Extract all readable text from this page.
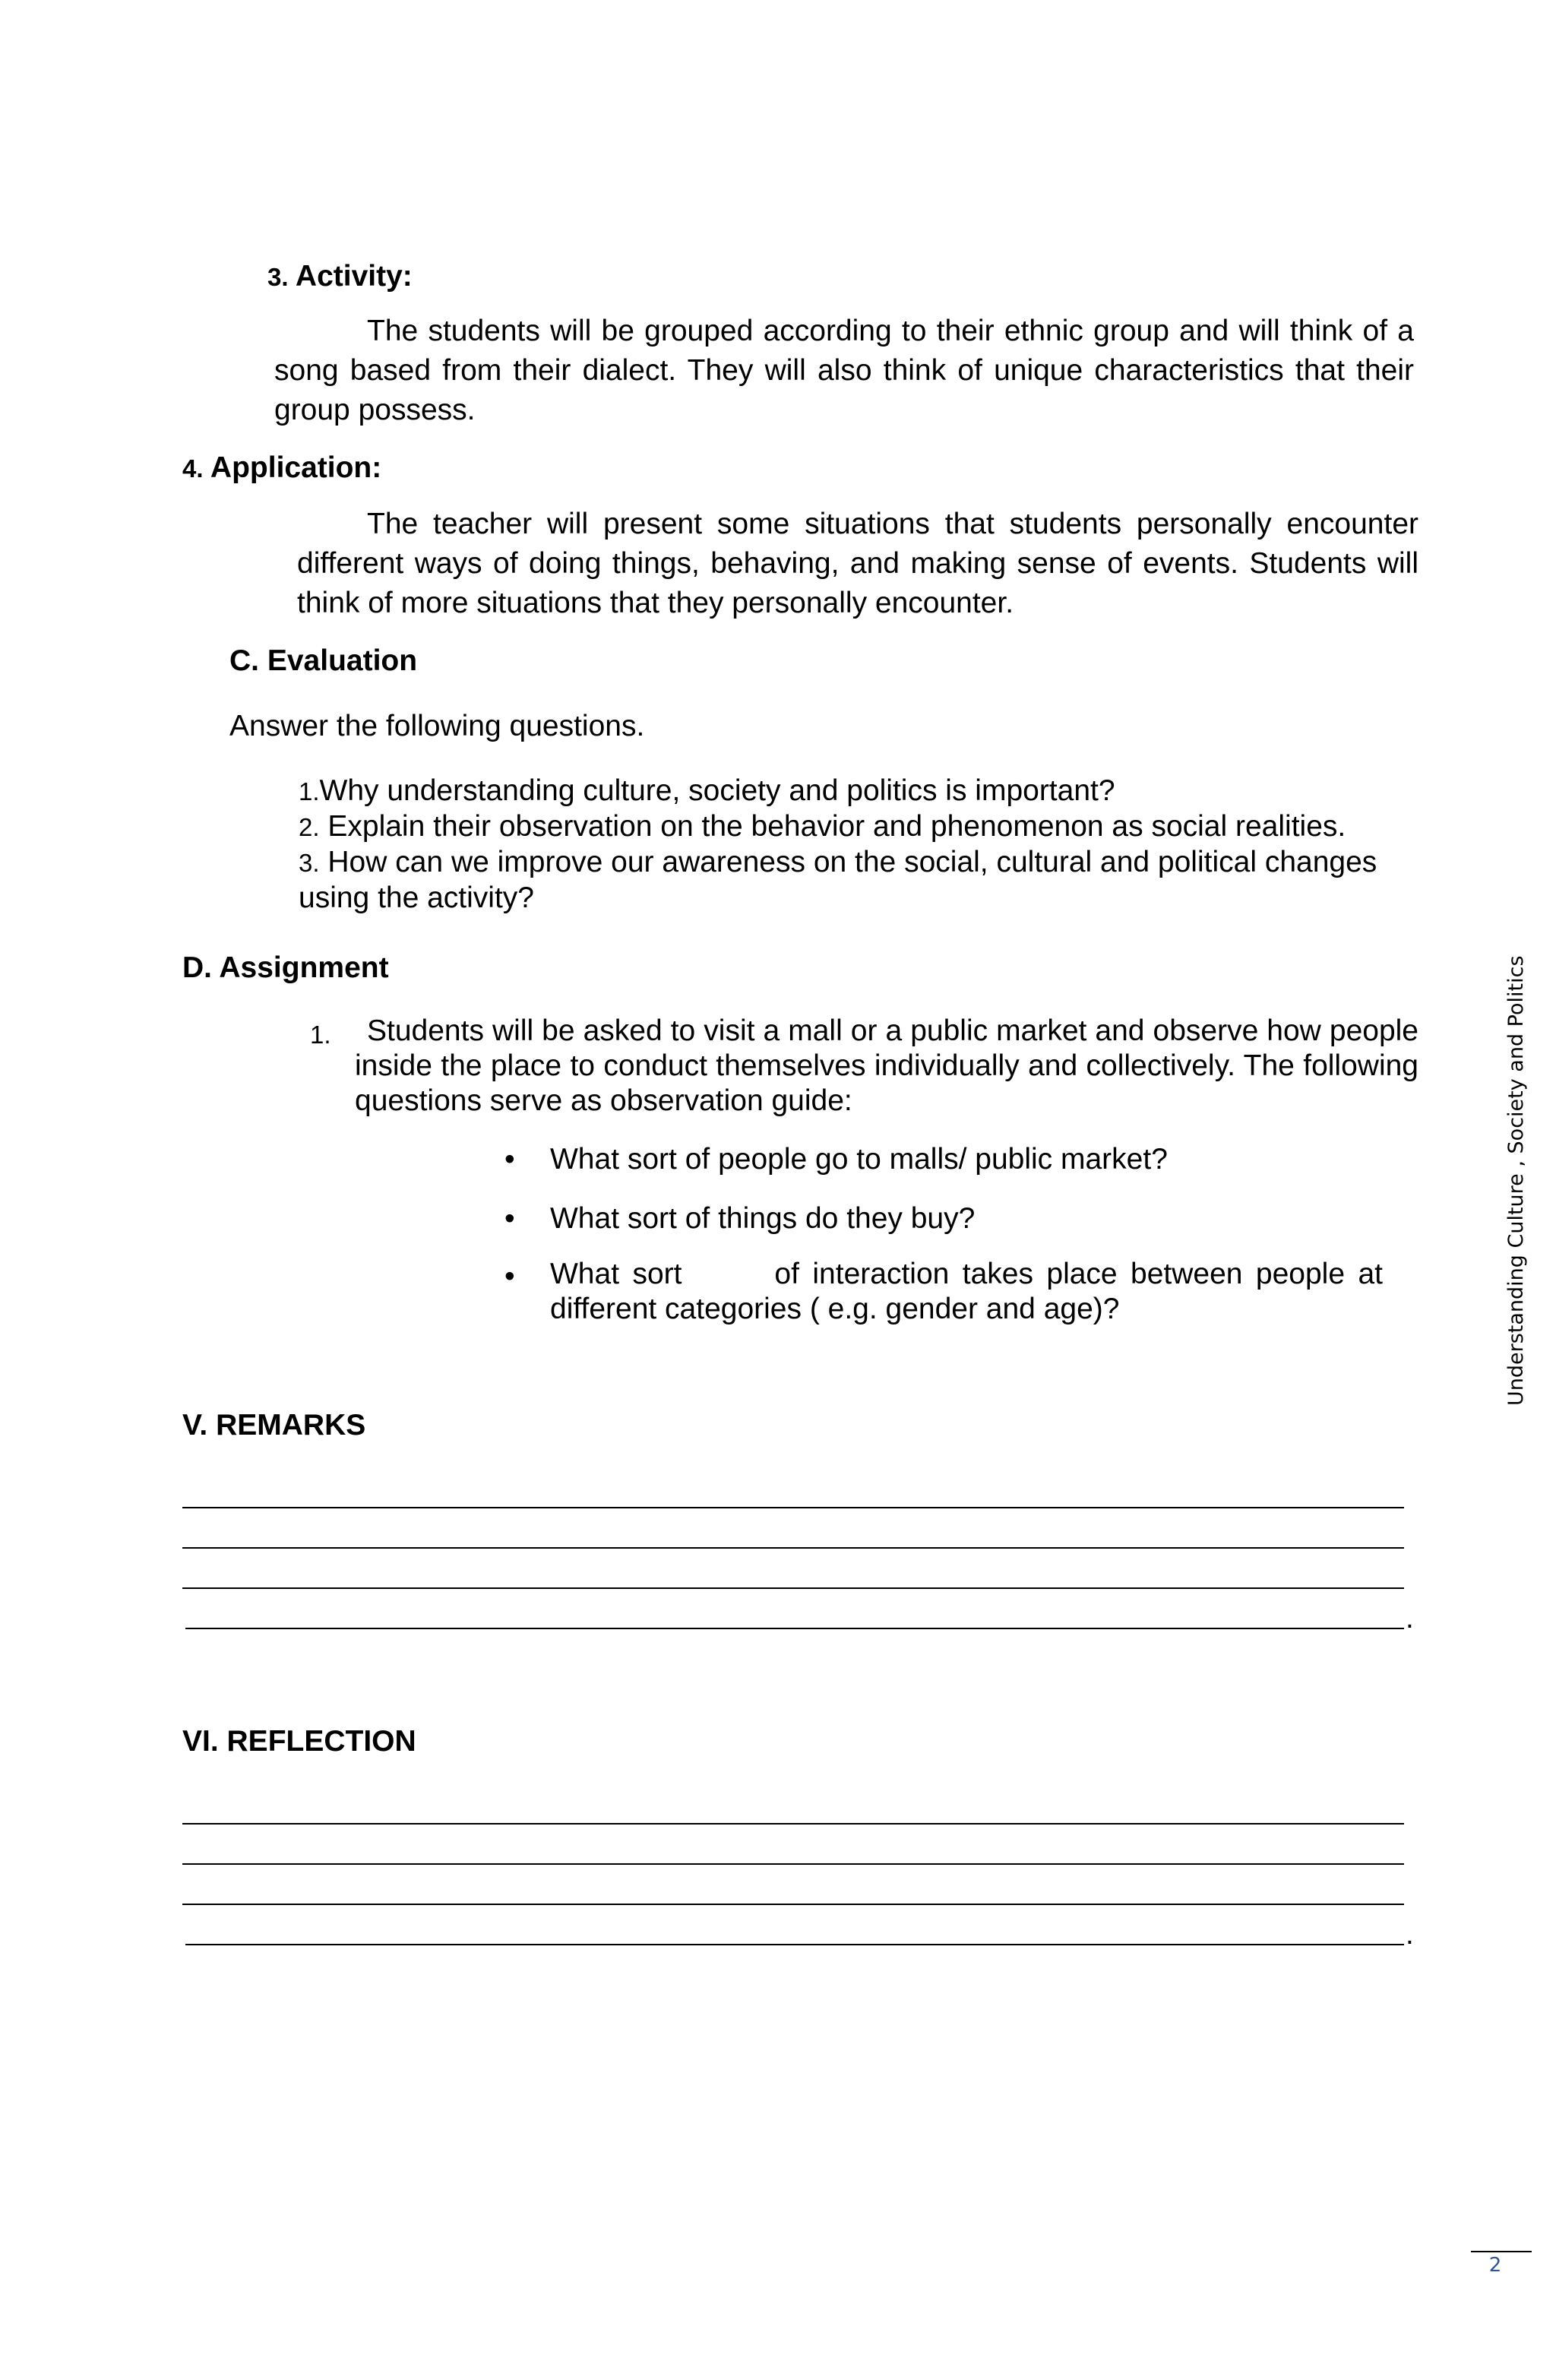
3. Activity:
The students will be grouped according to their ethnic group and will think of a song based from their dialect. They will also think of unique characteristics that their group possess.
4. Application:
The teacher will present some situations that students personally encounter different ways of doing things, behaving, and making sense of events. Students will think of more situations that they personally encounter.
C. Evaluation
Answer the following questions.
1.Why understanding culture, society and politics is important?
2. Explain their observation on the behavior and phenomenon as social realities.
3. How can we improve our awareness on the social, cultural and political changes using the activity?
D. Assignment
1.	Students will be asked to visit a mall or a public market and observe how people inside the place to conduct themselves individually and collectively. The following questions serve as observation guide:
• What sort of people go to malls/ public market?
• What sort of things do they buy?
• What sort       of interaction takes place between people at different categories ( e.g. gender and age)?
V. REMARKS
.
VI. REFLECTION
.
Understanding Culture , Society and Politics
2
